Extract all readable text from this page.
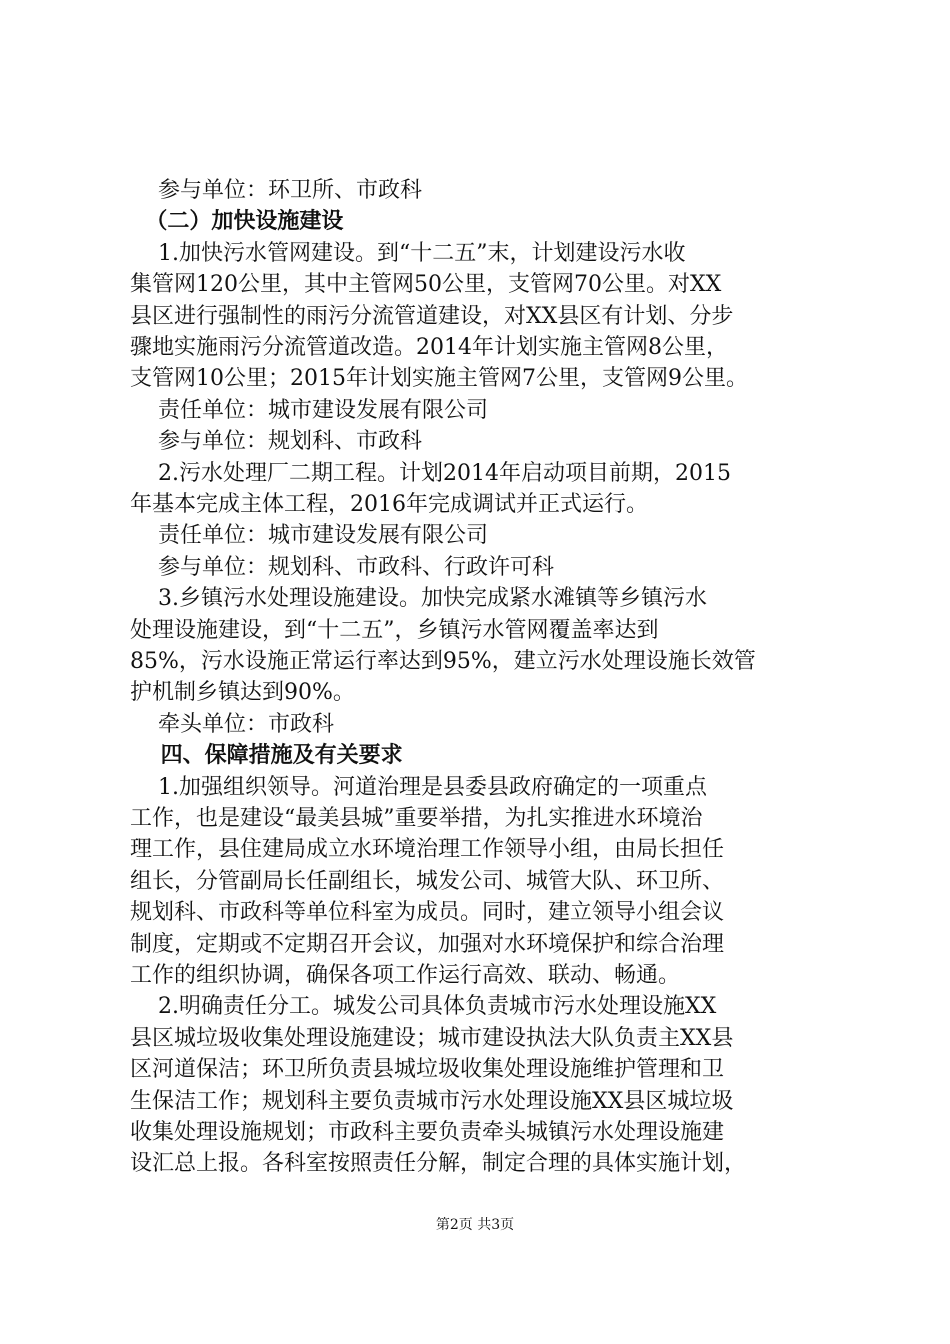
参与单位：环卫所、市政科
（二）加快设施建设
1.加快污水管网建设。到“十二五”末，计划建设污水收
集管网120公里，其中主管网50公里，支管网70公里。对XX
县区进行强制性的雨污分流管道建设，对XX县区有计划、分步
骤地实施雨污分流管道改造。2014年计划实施主管网8公里，
支管网10公里；2015年计划实施主管网7公里，支管网9公里。
责任单位：城市建设发展有限公司
参与单位：规划科、市政科
2.污水处理厂二期工程。计划2014年启动项目前期，2015
年基本完成主体工程，2016年完成调试并正式运行。
责任单位：城市建设发展有限公司
参与单位：规划科、市政科、行政许可科
3.乡镇污水处理设施建设。加快完成紧水滩镇等乡镇污水
处理设施建设，到“十二五”，乡镇污水管网覆盖率达到
85%，污水设施正常运行率达到95%，建立污水处理设施长效管
护机制乡镇达到90%。
牵头单位：市政科
四、保障措施及有关要求
1.加强组织领导。河道治理是县委县政府确定的一项重点
工作，也是建设“最美县城”重要举措，为扎实推进水环境治
理工作，县住建局成立水环境治理工作领导小组，由局长担任
组长，分管副局长任副组长，城发公司、城管大队、环卫所、
规划科、市政科等单位科室为成员。同时，建立领导小组会议
制度，定期或不定期召开会议，加强对水环境保护和综合治理
工作的组织协调，确保各项工作运行高效、联动、畅通。
2.明确责任分工。城发公司具体负责城市污水处理设施XX
县区城垃圾收集处理设施建设；城市建设执法大队负责主XX县
区河道保洁；环卫所负责县城垃圾收集处理设施维护管理和卫
生保洁工作；规划科主要负责城市污水处理设施XX县区城垃圾
收集处理设施规划；市政科主要负责牵头城镇污水处理设施建
设汇总上报。各科室按照责任分解，制定合理的具体实施计划，
第2页 共3页
